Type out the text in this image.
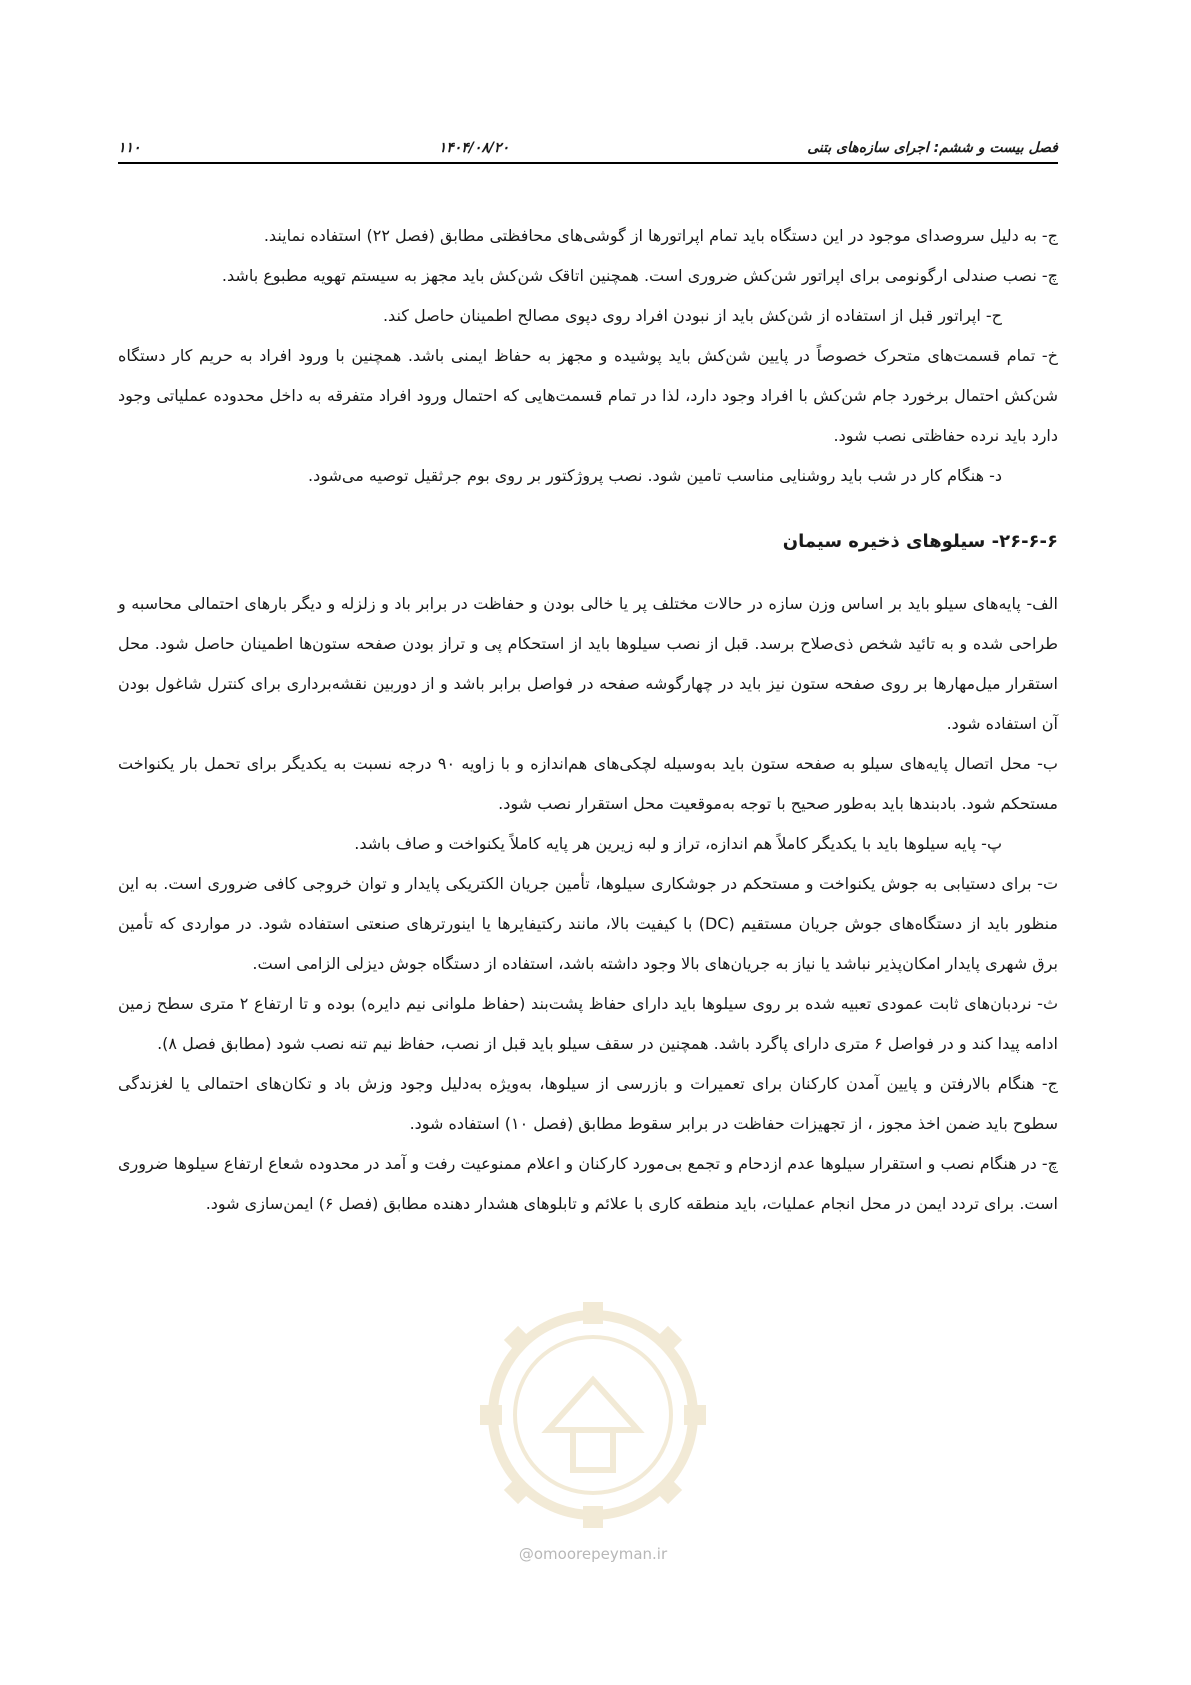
فصل بیست و ششم: اجرای سازه‌های بتنی
۱۴۰۴/۰۸/۲۰
۱۱۰

ج- به دلیل سروصدای موجود در این دستگاه باید تمام اپراتورها از گوشی‌های محافظتی مطابق (فصل ۲۲) استفاده نمایند.

چ- نصب صندلی ارگونومی برای اپراتور شن‌کش ضروری است. همچنین اتاقک شن‌کش باید مجهز به سیستم تهویه مطبوع باشد.

ح- اپراتور قبل از استفاده از شن‌کش باید از نبودن افراد روی دپوی مصالح اطمینان حاصل کند.

خ- تمام قسمت‌های متحرک خصوصاً در پایین شن‌کش باید پوشیده و مجهز به حفاظ ایمنی باشد. همچنین با ورود افراد به حریم کار دستگاه شن‌کش احتمال برخورد جام شن‌کش با افراد وجود دارد، لذا در تمام قسمت‌هایی که احتمال ورود افراد متفرقه به داخل محدوده عملیاتی وجود دارد باید نرده حفاظتی نصب شود.

د- هنگام کار در شب باید روشنایی مناسب تامین شود. نصب پروژکتور بر روی بوم جرثقیل توصیه می‌شود.

۲۶-۶-۶- سیلوهای ذخیره سیمان

الف- پایه‌های سیلو باید بر اساس وزن سازه در حالات مختلف پر یا خالی بودن و حفاظت در برابر باد و زلزله و دیگر بارهای احتمالی محاسبه و طراحی شده و به تائید شخص ذی‌صلاح برسد. قبل از نصب سیلوها باید از استحکام پی و تراز بودن صفحه ستون‌ها اطمینان حاصل شود. محل استقرار میل‌مهارها بر روی صفحه ستون نیز باید در چهارگوشه صفحه در فواصل برابر باشد و از دوربین نقشه‌برداری برای کنترل شاغول بودن آن استفاده شود.

ب- محل اتصال پایه‌های سیلو به صفحه ستون باید به‌وسیله لچکی‌های هم‌اندازه و با زاویه ۹۰ درجه نسبت به یکدیگر برای تحمل بار یکنواخت مستحکم شود. بادبندها باید به‌طور صحیح با توجه به‌موقعیت محل استقرار نصب شود.

پ- پایه سیلوها باید با یکدیگر کاملاً هم اندازه، تراز و لبه زیرین هر پایه کاملاً یکنواخت و صاف باشد.

ت- برای دستیابی به جوش یکنواخت و مستحکم در جوشکاری سیلوها، تأمین جریان الکتریکی پایدار و توان خروجی کافی ضروری است. به این منظور باید از دستگاه‌های جوش جریان مستقیم (DC) با کیفیت بالا، مانند رکتیفایرها یا اینورترهای صنعتی استفاده شود. در مواردی که تأمین برق شهری پایدار امکان‌پذیر نباشد یا نیاز به جریان‌های بالا وجود داشته باشد، استفاده از دستگاه جوش دیزلی الزامی است.

ث- نردبان‌های ثابت عمودی تعبیه شده بر روی سیلوها باید دارای حفاظ پشت‌بند (حفاظ ملوانی نیم دایره) بوده و تا ارتفاع ۲ متری سطح زمین ادامه پیدا کند و در فواصل ۶ متری دارای پاگرد باشد. همچنین در سقف سیلو باید قبل از نصب، حفاظ نیم تنه نصب شود (مطابق فصل ۸).

ج- هنگام بالارفتن و پایین آمدن کارکنان برای تعمیرات و بازرسی از سیلوها، به‌ویژه به‌دلیل وجود وزش باد و تکان‌های احتمالی یا لغزندگی سطوح باید ضمن اخذ مجوز ، از تجهیزات حفاظت در برابر سقوط مطابق (فصل ۱۰) استفاده شود.

چ- در هنگام نصب و استقرار سیلوها عدم ازدحام و تجمع بی‌مورد کارکنان و اعلام ممنوعیت رفت و آمد در محدوده شعاع ارتفاع سیلوها ضروری است. برای تردد ایمن در محل انجام عملیات، باید منطقه کاری با علائم و تابلوهای هشدار دهنده مطابق (فصل ۶) ایمن‌سازی شود.

@omoorepeyman.ir
